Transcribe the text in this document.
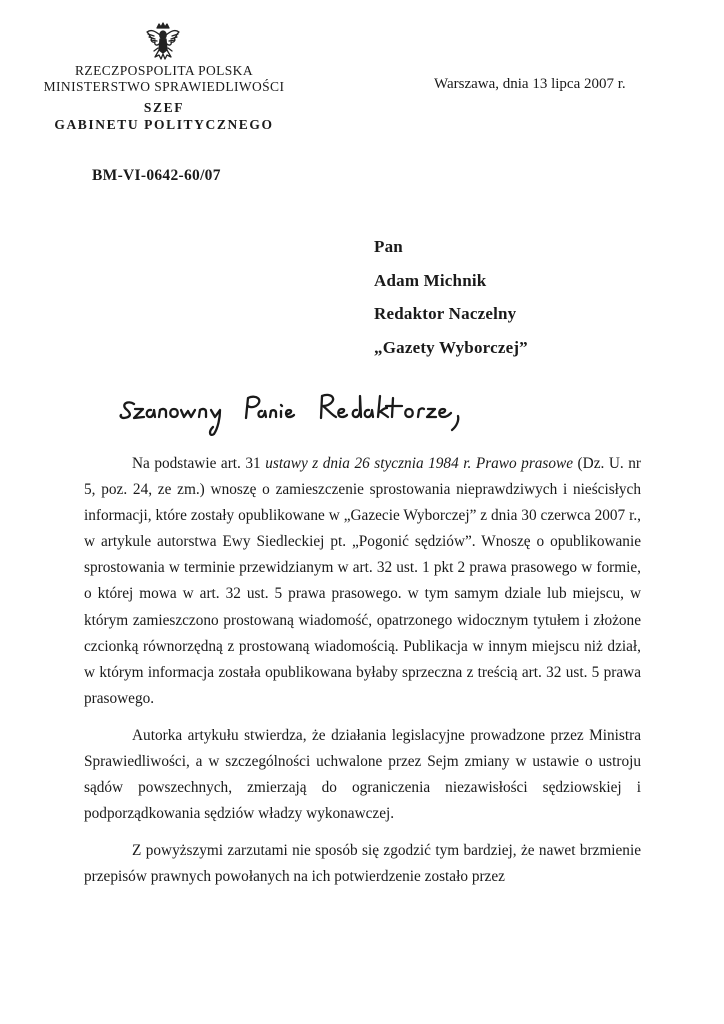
RZECZPOSPOLITA POLSKA
MINISTERSTWO SPRAWIEDLIWOŚCI
SZEF
GABINETU POLITYCZNEGO
Warszawa, dnia 13 lipca 2007 r.
BM-VI-0642-60/07
Pan
Adam Michnik
Redaktor Naczelny
„Gazety Wyborczej”

Na podstawie art. 31 ustawy z dnia 26 stycznia 1984 r. Prawo prasowe (Dz. U. nr 5, poz. 24, ze zm.) wnoszę o zamieszczenie sprostowania nieprawdziwych i nieścisłych informacji, które zostały opublikowane w „Gazecie Wyborczej” z dnia 30 czerwca 2007 r., w artykule autorstwa Ewy Siedleckiej pt. „Pogonić sędziów”. Wnoszę o opublikowanie sprostowania w terminie przewidzianym w art. 32 ust. 1 pkt 2 prawa prasowego w formie, o której mowa w art. 32 ust. 5 prawa prasowego. w tym samym dziale lub miejscu, w którym zamieszczono prostowaną wiadomość, opatrzonego widocznym tytułem i złożone czcionką równorzędną z prostowaną wiadomością. Publikacja w innym miejscu niż dział, w którym informacja została opublikowana byłaby sprzeczna z treścią art. 32 ust. 5 prawa prasowego.

Autorka artykułu stwierdza, że działania legislacyjne prowadzone przez Ministra Sprawiedliwości, a w szczególności uchwalone przez Sejm zmiany w ustawie o ustroju sądów powszechnych, zmierzają do ograniczenia niezawisłości sędziowskiej i podporządkowania sędziów władzy wykonawczej.

Z powyższymi zarzutami nie sposób się zgodzić tym bardziej, że nawet brzmienie przepisów prawnych powołanych na ich potwierdzenie zostało przez
